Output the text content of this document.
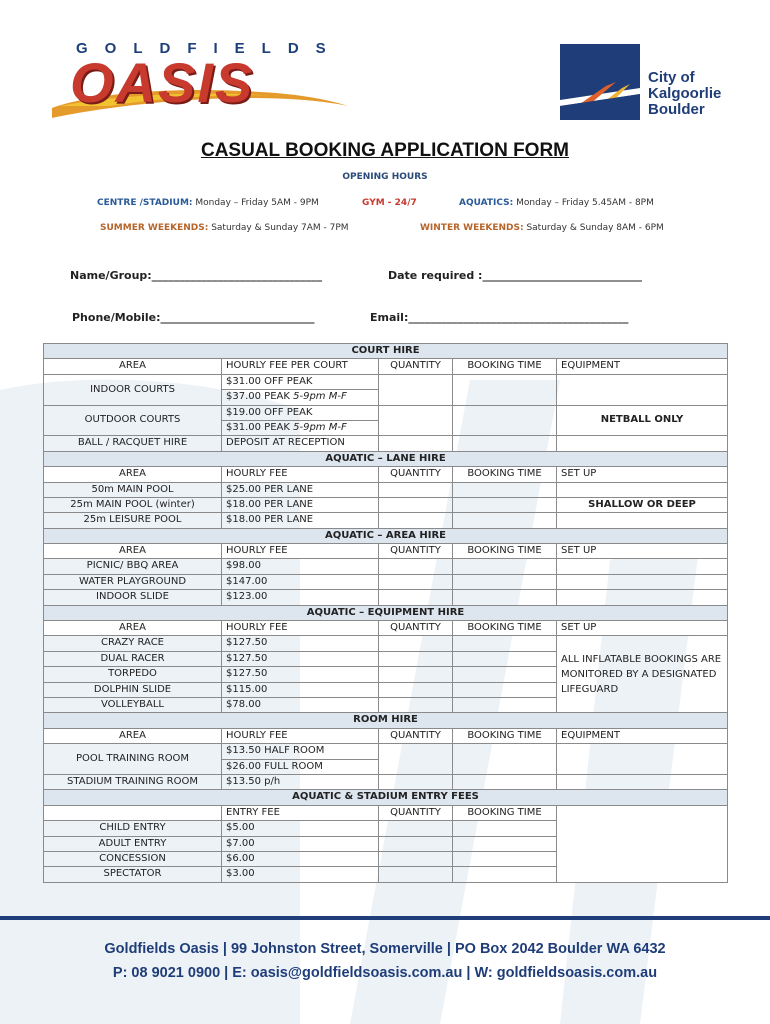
GOLDFIELDS
OASIS	City of
Kalgoorlie
Boulder
CASUAL BOOKING APPLICATION FORM
OPENING HOURS
CENTRE /STADIUM: Monday – Friday 5AM - 9PM	GYM - 24/7	AQUATICS: Monday – Friday 5.45AM - 8PM
SUMMER WEEKENDS: Saturday & Sunday 7AM - 7PM	WINTER WEEKENDS: Saturday & Sunday 8AM - 6PM
Name/Group:_______________________________	Date required :_____________________________
Phone/Mobile:____________________________	Email:________________________________________
COURT HIRE				
AREA	HOURLY FEE PER COURT	QUANTITY	BOOKING TIME	EQUIPMENT
INDOOR COURTS	$31.00 OFF PEAK			
	$37.00 PEAK 5-9pm M-F			
OUTDOOR COURTS	$19.00 OFF PEAK			NETBALL ONLY
	$31.00 PEAK 5-9pm M-F			
BALL / RACQUET HIRE	DEPOSIT AT RECEPTION			
AQUATIC – LANE HIRE				
AREA	HOURLY FEE	QUANTITY	BOOKING TIME	SET UP
50m MAIN POOL	$25.00 PER LANE			
25m MAIN POOL (winter)	$18.00 PER LANE			SHALLOW OR DEEP
25m LEISURE POOL	$18.00 PER LANE			
AQUATIC – AREA HIRE				
AREA	HOURLY FEE	QUANTITY	BOOKING TIME	SET UP
PICNIC/ BBQ AREA	$98.00			
WATER PLAYGROUND	$147.00			
INDOOR SLIDE	$123.00			
AQUATIC – EQUIPMENT HIRE				
AREA	HOURLY FEE	QUANTITY	BOOKING TIME	SET UP
CRAZY RACE	$127.50			ALL INFLATABLE BOOKINGS ARE MONITORED BY A DESIGNATED LIFEGUARD
DUAL RACER	$127.50			
TORPEDO	$127.50			
DOLPHIN SLIDE	$115.00			
VOLLEYBALL	$78.00			
ROOM HIRE				
AREA	HOURLY FEE	QUANTITY	BOOKING TIME	EQUIPMENT
POOL TRAINING ROOM	$13.50 HALF ROOM			
	$26.00 FULL ROOM			
STADIUM TRAINING ROOM	$13.50 p/h			

AQUATIC & STADIUM ENTRY FEES				
	ENTRY FEE	QUANTITY	BOOKING TIME	
CHILD ENTRY	$5.00			
ADULT ENTRY	$7.00			
CONCESSION	$6.00			
SPECTATOR	$3.00			
Goldfields Oasis | 99 Johnston Street, Somerville | PO Box 2042 Boulder WA 6432
P: 08 9021 0900 | E: oasis@goldfieldsoasis.com.au | W: goldfieldsoasis.com.au
